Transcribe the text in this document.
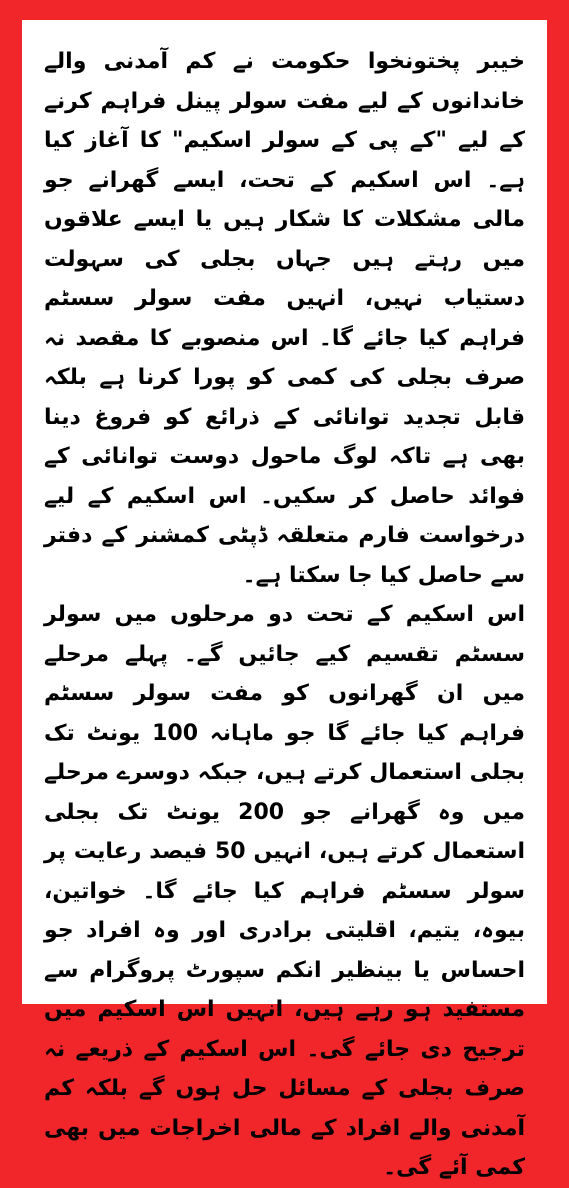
خیبر پختونخوا حکومت نے کم آمدنی والے خاندانوں کے لیے مفت سولر پینل فراہم کرنے کے لیے "کے پی کے سولر اسکیم" کا آغاز کیا ہے۔ اس اسکیم کے تحت، ایسے گھرانے جو مالی مشکلات کا شکار ہیں یا ایسے علاقوں میں رہتے ہیں جہاں بجلی کی سہولت دستیاب نہیں، انہیں مفت سولر سسٹم فراہم کیا جائے گا۔ اس منصوبے کا مقصد نہ صرف بجلی کی کمی کو پورا کرنا ہے بلکہ قابل تجدید توانائی کے ذرائع کو فروغ دینا بھی ہے تاکہ لوگ ماحول دوست توانائی کے فوائد حاصل کر سکیں۔ اس اسکیم کے لیے درخواست فارم متعلقہ ڈپٹی کمشنر کے دفتر سے حاصل کیا جا سکتا ہے۔

اس اسکیم کے تحت دو مرحلوں میں سولر سسٹم تقسیم کیے جائیں گے۔ پہلے مرحلے میں ان گھرانوں کو مفت سولر سسٹم فراہم کیا جائے گا جو ماہانہ 100 یونٹ تک بجلی استعمال کرتے ہیں، جبکہ دوسرے مرحلے میں وہ گھرانے جو 200 یونٹ تک بجلی استعمال کرتے ہیں، انہیں 50 فیصد رعایت پر سولر سسٹم فراہم کیا جائے گا۔ خواتین، بیوہ، یتیم، اقلیتی برادری اور وہ افراد جو احساس یا بینظیر انکم سپورٹ پروگرام سے مستفید ہو رہے ہیں، انہیں اس اسکیم میں ترجیح دی جائے گی۔ اس اسکیم کے ذریعے نہ صرف بجلی کے مسائل حل ہوں گے بلکہ کم آمدنی والے افراد کے مالی اخراجات میں بھی کمی آئے گی۔
